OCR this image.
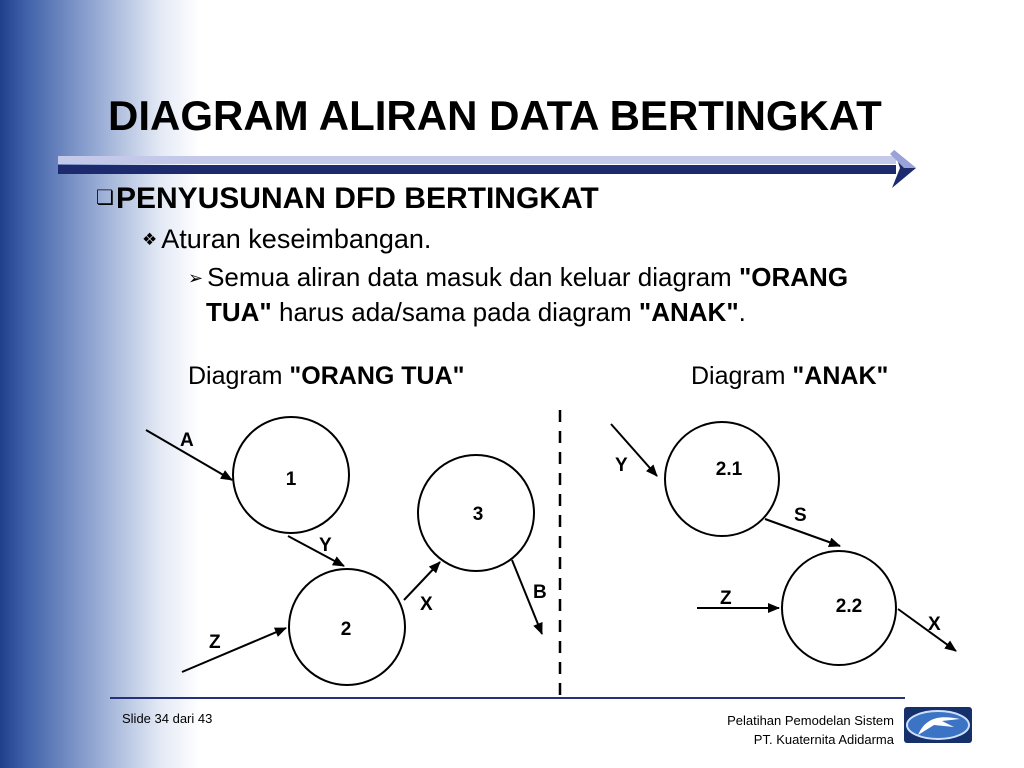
DIAGRAM ALIRAN DATA BERTINGKAT
❏PENYUSUNAN DFD BERTINGKAT
❖ Aturan keseimbangan.
➢ Semua aliran data masuk dan keluar diagram "ORANG
TUA" harus ada/sama pada diagram "ANAK".
Diagram "ORANG TUA"	Diagram "ANAK"
1
2
3
A
Y
Z
X
B
2.1
2.2
Y
S
Z
X
Slide 34 dari 43	Pelatihan Pemodelan Sistem
PT. Kuaternita Adidarma
